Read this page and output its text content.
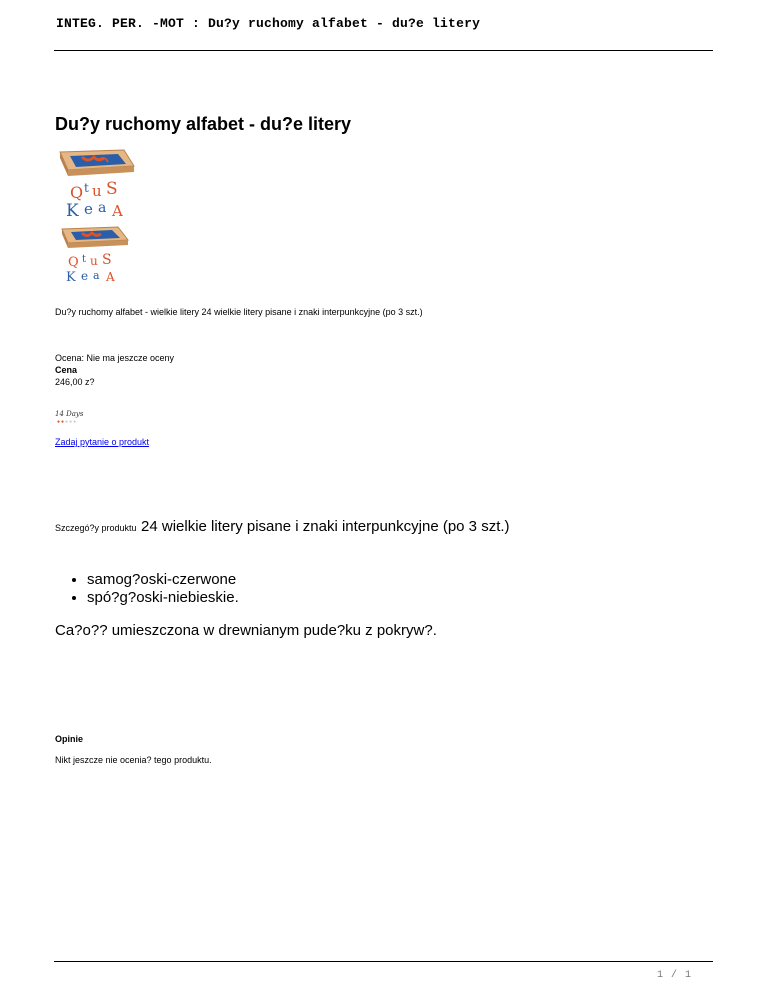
INTEG. PER. -MOT : Du?y ruchomy alfabet - du?e litery
Du?y ruchomy alfabet - du?e litery
Q t u S
K e a A
Q t u S
K e a A
Du?y ruchomy alfabet - wielkie litery 24 wielkie litery pisane i znaki interpunkcyjne (po 3 szt.)
Ocena: Nie ma jeszcze oceny
Cena
246,00 z?
14 Days
●●●●●
Zadaj pytanie o produkt
Szczegó?y produktu 24 wielkie litery pisane i znaki interpunkcyjne (po 3 szt.)
• samog?oski-czerwone
• spó?g?oski-niebieskie.
Ca?o?? umieszczona w drewnianym pude?ku z pokryw?.
Opinie
Nikt jeszcze nie ocenia? tego produktu.
1 / 1
